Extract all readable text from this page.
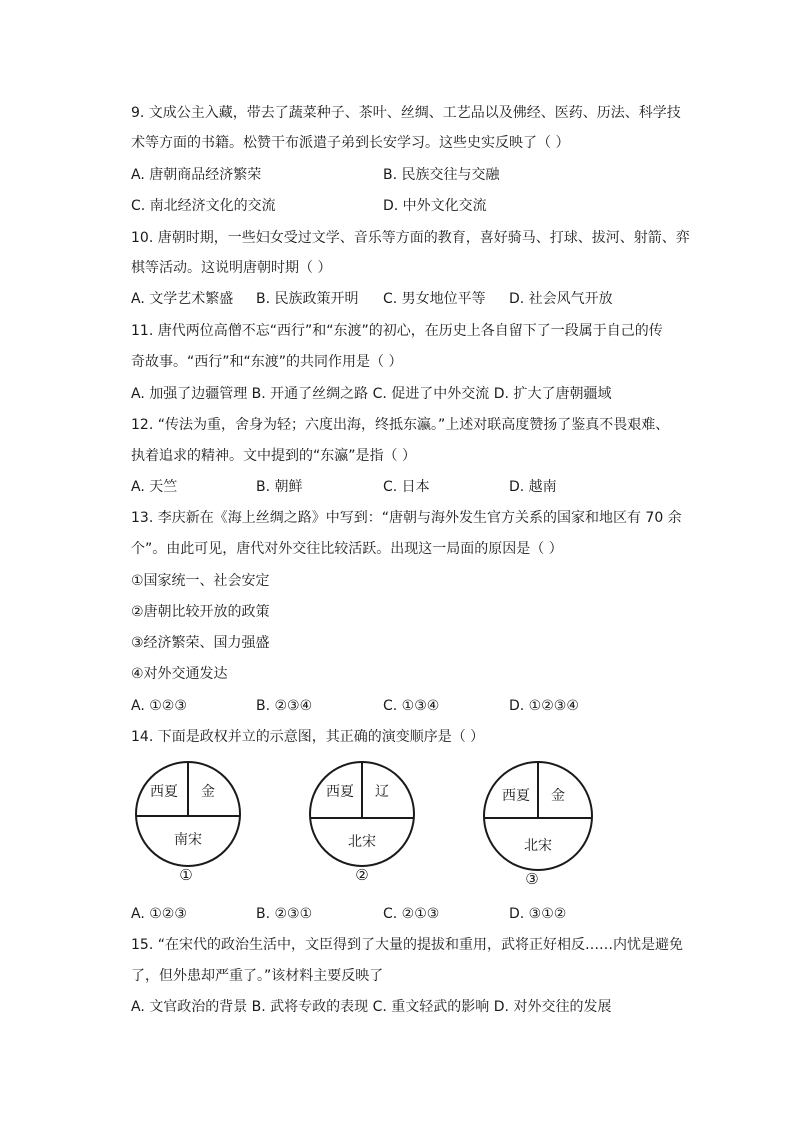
9. 文成公主入藏，带去了蔬菜种子、茶叶、丝绸、工艺品以及佛经、医药、历法、科学技
术等方面的书籍。松赞干布派遣子弟到长安学习。这些史实反映了（ ）
A. 唐朝商品经济繁荣	B. 民族交往与交融
C. 南北经济文化的交流	D. 中外文化交流
10. 唐朝时期，一些妇女受过文学、音乐等方面的教育，喜好骑马、打球、拔河、射箭、弈
棋等活动。这说明唐朝时期（ ）
A. 文学艺术繁盛 B. 民族政策开明 C. 男女地位平等 D. 社会风气开放
11. 唐代两位高僧不忘“西行”和“东渡”的初心，在历史上各自留下了一段属于自己的传
奇故事。“西行”和“东渡”的共同作用是（ ）
A. 加强了边疆管理 B. 开通了丝绸之路 C. 促进了中外交流 D. 扩大了唐朝疆域
12. “传法为重，舍身为轻；六度出海，终抵东瀛。”上述对联高度赞扬了鉴真不畏艰难、
执着追求的精神。文中提到的“东瀛”是指（ ）
A. 天竺	B. 朝鲜	C. 日本	D. 越南
13. 李庆新在《海上丝绸之路》中写到：“唐朝与海外发生官方关系的国家和地区有 70 余
个”。由此可见，唐代对外交往比较活跃。出现这一局面的原因是（ ）
①国家统一、社会安定
②唐朝比较开放的政策
③经济繁荣、国力强盛
④对外交通发达
A. ①②③	B. ②③④	C. ①③④	D. ①②③④
14. 下面是政权并立的示意图，其正确的演变顺序是（ ）
西夏 金
南宋
①
西夏 辽
北宋
②
西夏 金
北宋
③
A. ①②③	B. ②③①	C. ②①③	D. ③①②
15. “在宋代的政治生活中，文臣得到了大量的提拔和重用，武将正好相反……内忧是避免
了，但外患却严重了。”该材料主要反映了
A. 文官政治的背景 B. 武将专政的表现 C. 重文轻武的影响 D. 对外交往的发展
